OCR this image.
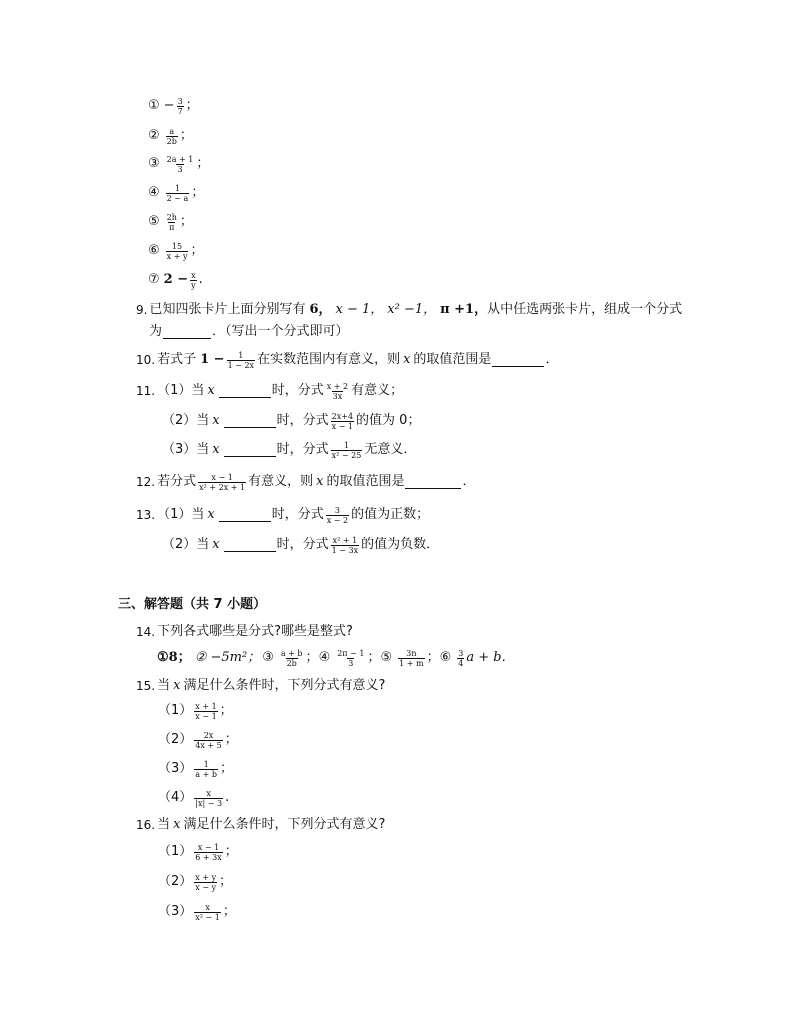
① − $\frac{3}{7}$ ；
② $\frac{a}{2b}$ ；
③ $\frac{2a + 1}{3}$ ；
④ $\frac{1}{2 - a}$ ；
⑤ $\frac{2h}{\pi}$ ；
⑥ $\frac{15}{x + y}$ ；
⑦ $2 - \frac{x}{y}$ .
9. 已知四张卡片上面分别写有 6， x − 1， x² −1， π +1， 从中任选两张卡片，组成一个分式
为	．（写出一个分式即可）
10. 若式子 $1 - \frac{1}{1 - 2x}$ 在实数范围内有意义，则 x 的取值范围是	．
11. （1）当 x	时，分式 $\frac{x + 2}{3x}$ 有意义；
（2）当 x	时，分式 $\frac{2x+4}{x - 1}$ 的值为 0；
（3）当 x	时，分式 $\frac{1}{\text{x² − 25}}$ 无意义．
12. 若分式 $\frac{x - 1}{\text{x² + 2x + 1}}$ 有意义，则 x 的取值范围是	．
13. （1）当 x	时，分式 $\frac{3}{x - 2}$ 的值为正数；
（2）当 x	时，分式 $\frac{\text{x² + 1}}{1 - 3x}$ 的值为负数．
三、解答题（共 7 小题）
14. 下列各式哪些是分式?哪些是整式?
①8； ② −5m²； ③ $\frac{a + b}{2b}$ ； ④ $\frac{2\pi - 1}{3}$ ； ⑤ $\frac{3n}{1 + m}$ ； ⑥ $\frac{3}{4}$ a + b.
15. 当 x 满足什么条件时，下列分式有意义?
$(1) \frac{x + 1}{x - 1}$ ；
$(2) \frac{2x}{4x + 5}$ ；
$(3) \frac{1}{a + b}$ ；
$(4) \frac{x}{|x| - 3}$ .
16. 当 x 满足什么条件时，下列分式有意义?
$(1) \frac{x - 1}{6 + 3x}$ ；
$(2) \frac{x + y}{x - y}$ ；
$(3) \frac{x}{\text{x² − 1}}$ ；
